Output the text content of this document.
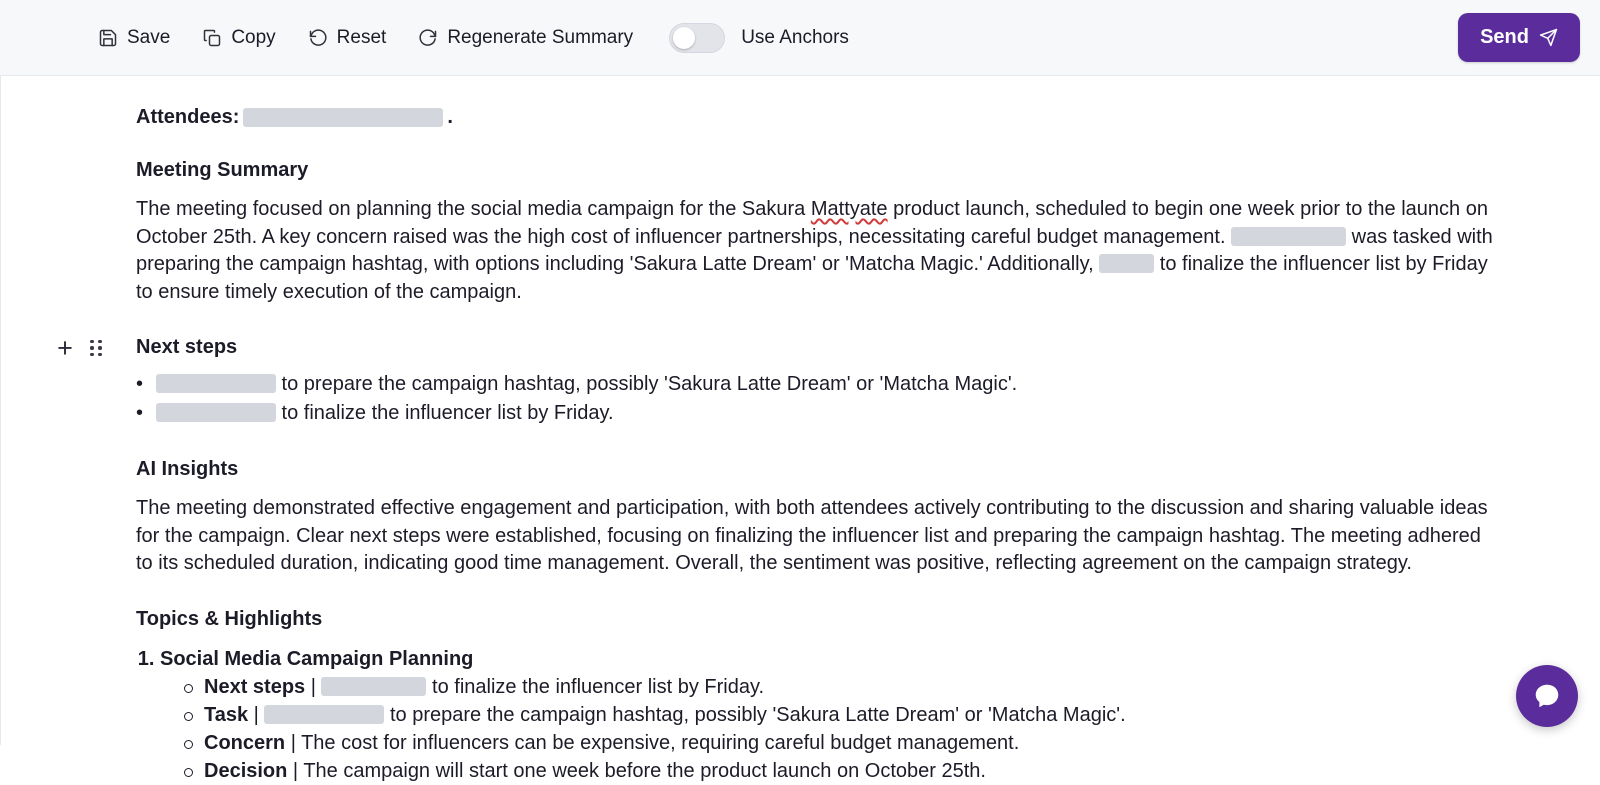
Save	Copy	Reset	Regenerate Summary	Use Anchors	Send
Attendees:	.
Meeting Summary

The meeting focused on planning the social media campaign for the Sakura Mattyate product launch, scheduled to begin one week prior to the launch on October 25th. A key concern raised was the high cost of influencer partnerships, necessitating careful budget management.	was tasked with preparing the campaign hashtag, with options including 'Sakura Latte Dream' or 'Matcha Magic.' Additionally,	to finalize the influencer list by Friday to ensure timely execution of the campaign.

+	Next steps
• to prepare the campaign hashtag, possibly 'Sakura Latte Dream' or 'Matcha Magic'.
• to finalize the influencer list by Friday.
AI Insights

The meeting demonstrated effective engagement and participation, with both attendees actively contributing to the discussion and sharing valuable ideas for the campaign. Clear next steps were established, focusing on finalizing the influencer list and preparing the campaign hashtag. The meeting adhered to its scheduled duration, indicating good time management. Overall, the sentiment was positive, reflecting agreement on the campaign strategy.

Topics & Highlights
1. Social Media Campaign Planning
Next steps |	to finalize the influencer list by Friday.
Task |	to prepare the campaign hashtag, possibly 'Sakura Latte Dream' or 'Matcha Magic'.
Concern | The cost for influencers can be expensive, requiring careful budget management.
Decision | The campaign will start one week before the product launch on October 25th.
